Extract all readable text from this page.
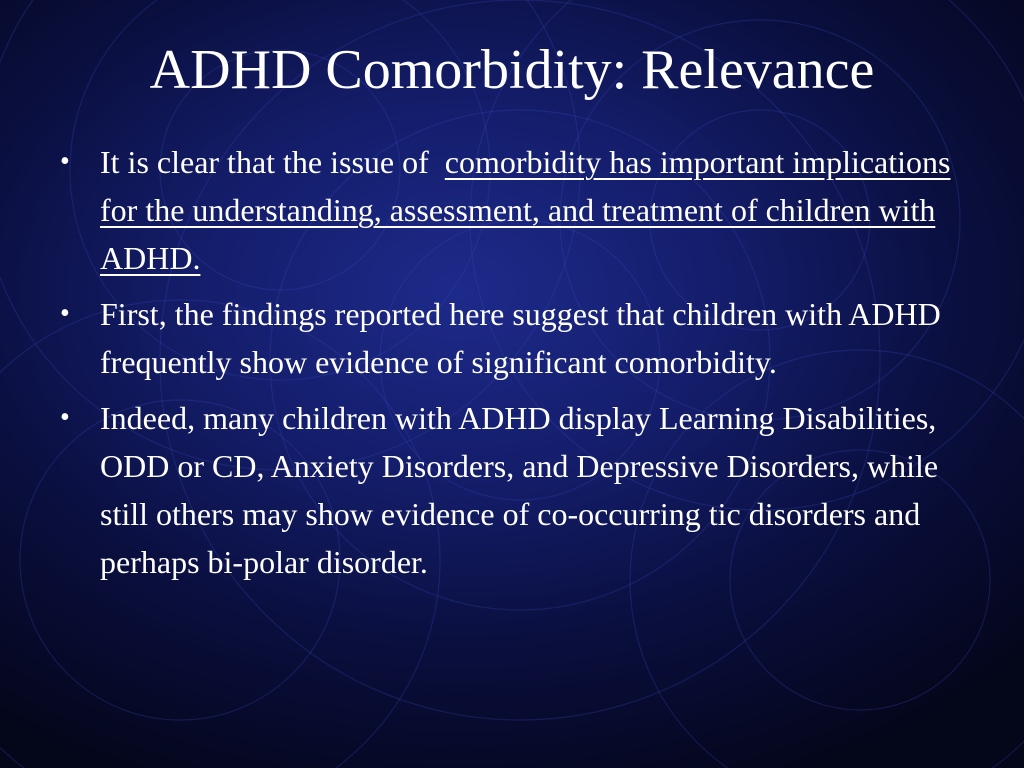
ADHD Comorbidity: Relevance
• It is clear that the issue of comorbidity has important implications for the understanding, assessment, and treatment of children with ADHD.
• First, the findings reported here suggest that children with ADHD frequently show evidence of significant comorbidity.
• Indeed, many children with ADHD display Learning Disabilities, ODD or CD, Anxiety Disorders, and Depressive Disorders, while still others may show evidence of co-occurring tic disorders and perhaps bi-polar disorder.
